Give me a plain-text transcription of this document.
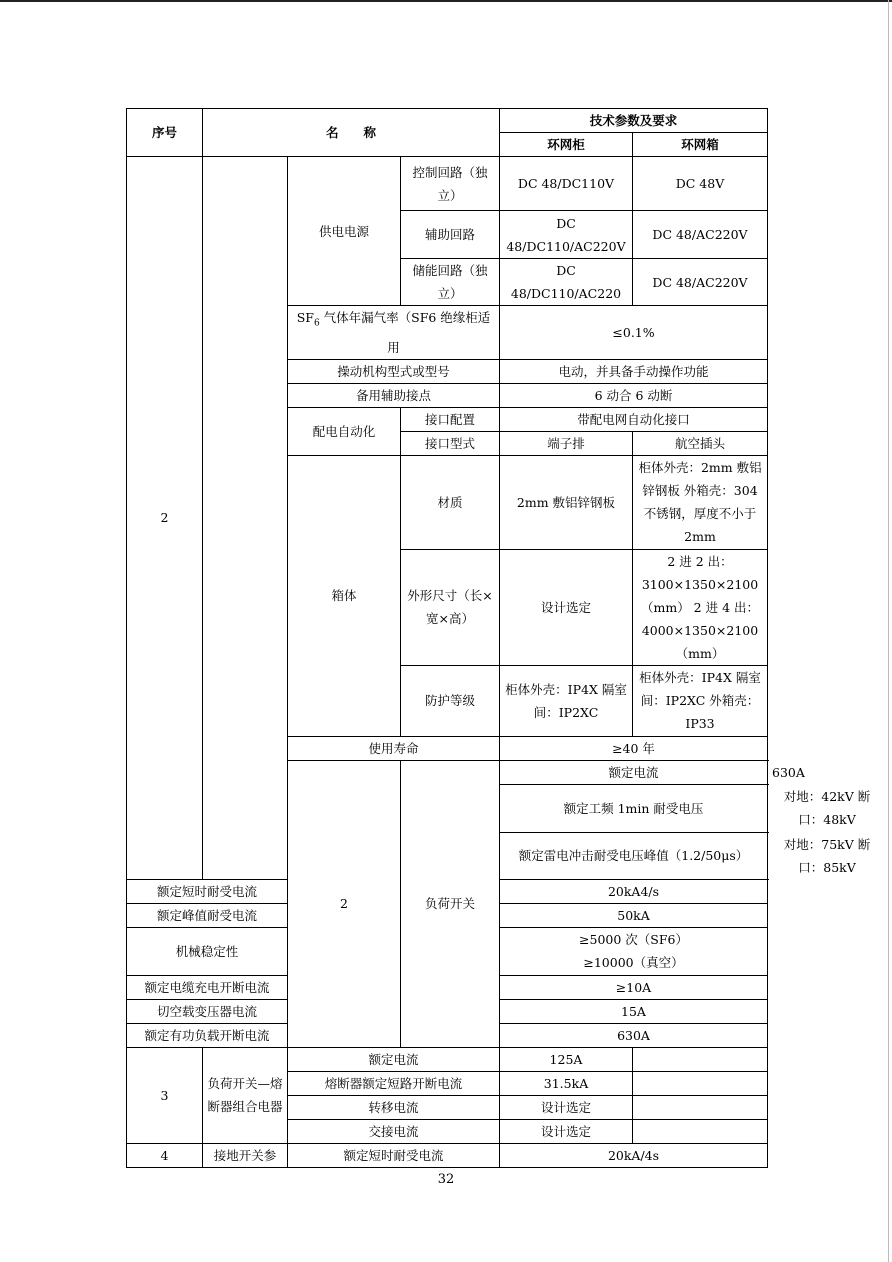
序号	名　　称			技术参数及要求		
				环网柜	环网箱	
2		供电电源	控制回路（独立）	DC 48/DC110V	DC 48V	
			辅助回路	DC 48/DC110/AC220V	DC 48/AC220V	
			储能回路（独立）	DC 48/DC110/AC220	DC 48/AC220V	
		$SF_6$ 气体年漏气率（SF6 绝缘柜适用		≤0.1%		
		操动机构型式或型号		电动，并具备手动操作功能		
		备用辅助接点		6 动合 6 动断		
		配电自动化	接口配置	带配电网自动化接口		
			接口型式	端子排	航空插头	
		箱体	材质	2mm 敷铝锌钢板	柜体外壳：2mm 敷铝锌钢板 外箱壳：304 不锈钢，厚度不小于 2mm	
			外形尺寸（长×宽×高）	设计选定	2 进 2 出：3100×1350×2100（mm） 2 进 4 出：4000×1350×2100（mm）	
			防护等级	柜体外壳：IP4X 隔室间：IP2XC	柜体外壳：IP4X 隔室间：IP2XC 外箱壳：IP33	
		使用寿命		≥40 年		
		2	负荷开关	额定电流		630A
				额定工频 1min 耐受电压		对地：42kV 断口：48kV

				额定雷电冲击耐受电压峰值（1.2/50μs）		对地：75kV 断口：85kV

额定短时耐受电流				20kA4/s		
额定峰值耐受电流				50kA		
机械稳定性				≥5000 次（SF6） ≥10000（真空）		

额定电缆充电开断电流				≥10A		
切空载变压器电流				15A		
额定有功负载开断电流				630A		
3	负荷开关—熔断器组合电器	额定电流		125A		
		熔断器额定短路开断电流		31.5kA		
		转移电流		设计选定		
		交接电流		设计选定		
4	接地开关参	额定短时耐受电流		20kA/4s		
32
